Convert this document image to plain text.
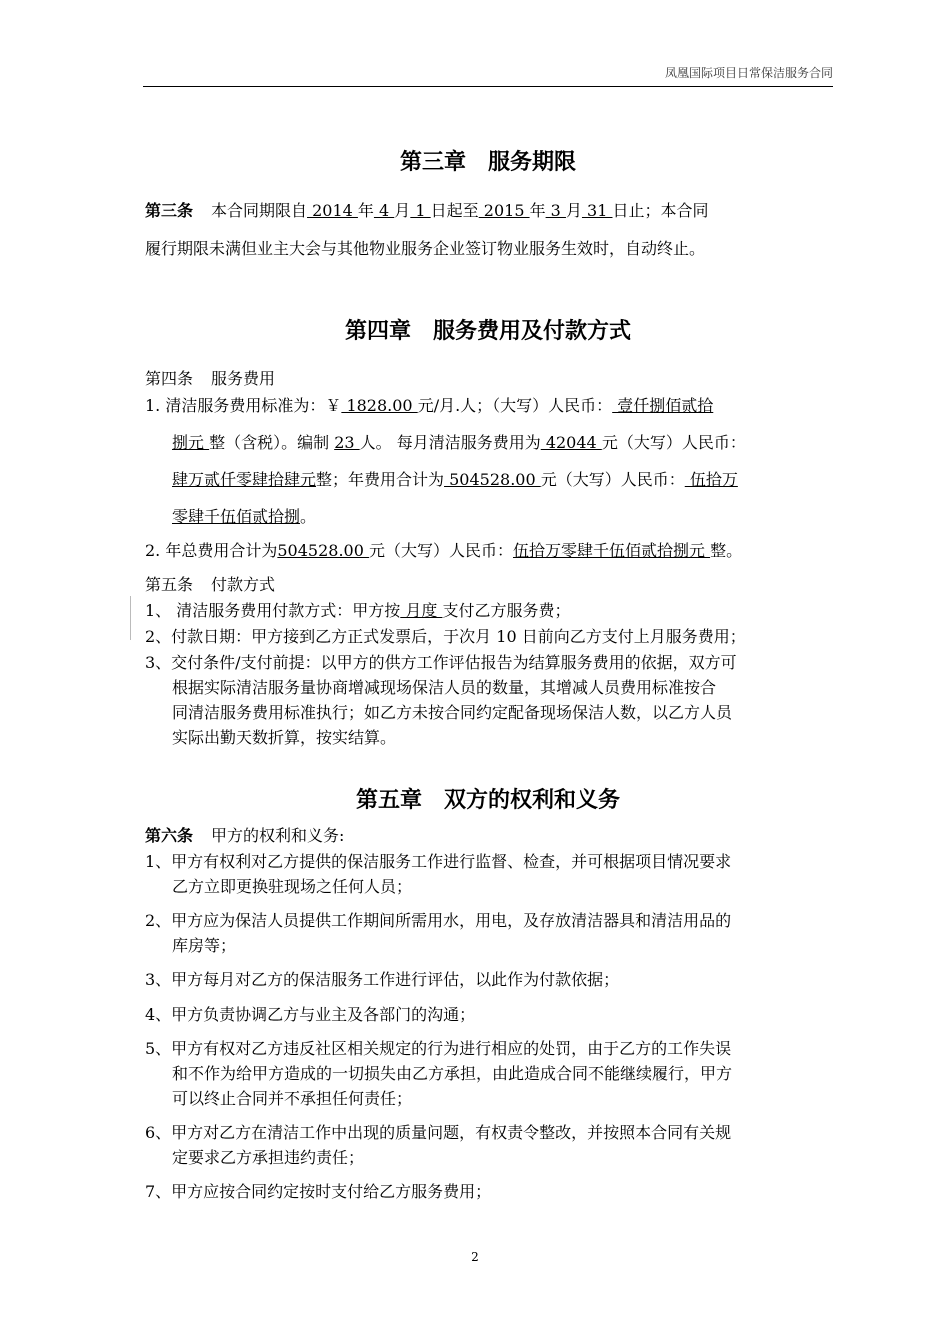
凤凰国际项目日常保洁服务合同
第三章　服务期限
第三条 本合同期限自 2014 年 4 月 1 日起至 2015 年 3 月 31 日止；本合同
履行期限未满但业主大会与其他物业服务企业签订物业服务生效时，自动终止。
第四章　服务费用及付款方式
第四条 服务费用
1. 清洁服务费用标准为：￥ 1828.00 元/月.人；（大写）人民币： 壹仟捌佰贰拾
捌元 整（含税）。编制 23 人。 每月清洁服务费用为 42044 元（大写）人民币：
肆万贰仟零肆拾肆元整；年费用合计为 504528.00 元（大写）人民币： 伍拾万
零肆千伍佰贰拾捌。
2. 年总费用合计为504528.00 元（大写）人民币：伍拾万零肆千伍佰贰拾捌元 整。
第五条 付款方式
1、 清洁服务费用付款方式：甲方按 月度 支付乙方服务费；
2、付款日期：甲方接到乙方正式发票后，于次月 10 日前向乙方支付上月服务费用；
3、交付条件/支付前提：以甲方的供方工作评估报告为结算服务费用的依据，双方可
根据实际清洁服务量协商增减现场保洁人员的数量，其增减人员费用标准按合
同清洁服务费用标准执行；如乙方未按合同约定配备现场保洁人数，以乙方人员
实际出勤天数折算，按实结算。
第五章　双方的权利和义务
第六条 甲方的权利和义务:
1、甲方有权利对乙方提供的保洁服务工作进行监督、检查，并可根据项目情况要求
乙方立即更换驻现场之任何人员；
2、甲方应为保洁人员提供工作期间所需用水，用电，及存放清洁器具和清洁用品的
库房等；
3、甲方每月对乙方的保洁服务工作进行评估，以此作为付款依据；
4、甲方负责协调乙方与业主及各部门的沟通；
5、甲方有权对乙方违反社区相关规定的行为进行相应的处罚，由于乙方的工作失误
和不作为给甲方造成的一切损失由乙方承担，由此造成合同不能继续履行，甲方
可以终止合同并不承担任何责任；
6、甲方对乙方在清洁工作中出现的质量问题，有权责令整改，并按照本合同有关规
定要求乙方承担违约责任；
7、甲方应按合同约定按时支付给乙方服务费用；
2
